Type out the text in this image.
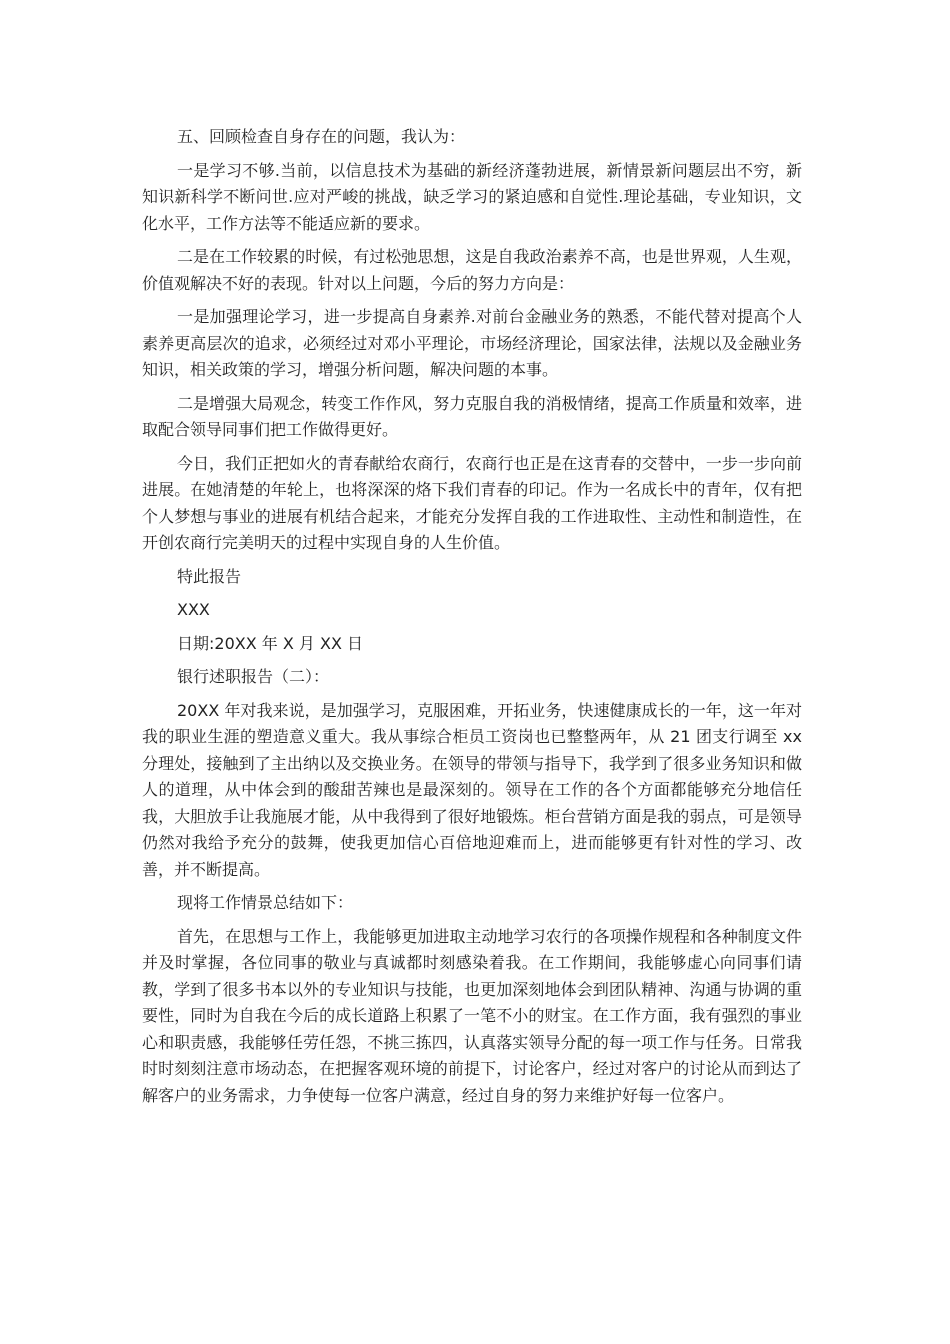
五、回顾检查自身存在的问题，我认为：

一是学习不够.当前，以信息技术为基础的新经济蓬勃进展，新情景新问题层出不穷，新知识新科学不断问世.应对严峻的挑战，缺乏学习的紧迫感和自觉性.理论基础，专业知识，文化水平，工作方法等不能适应新的要求。

二是在工作较累的时候，有过松弛思想，这是自我政治素养不高，也是世界观，人生观，价值观解决不好的表现。针对以上问题，今后的努力方向是：

一是加强理论学习，进一步提高自身素养.对前台金融业务的熟悉，不能代替对提高个人素养更高层次的追求，必须经过对邓小平理论，市场经济理论，国家法律，法规以及金融业务知识，相关政策的学习，增强分析问题，解决问题的本事。

二是增强大局观念，转变工作作风，努力克服自我的消极情绪，提高工作质量和效率，进取配合领导同事们把工作做得更好。

今日，我们正把如火的青春献给农商行，农商行也正是在这青春的交替中，一步一步向前进展。在她清楚的年轮上，也将深深的烙下我们青春的印记。作为一名成长中的青年，仅有把个人梦想与事业的进展有机结合起来，才能充分发挥自我的工作进取性、主动性和制造性，在开创农商行完美明天的过程中实现自身的人生价值。

特此报告

XXX

日期:20XX 年 X 月 XX 日

银行述职报告（二）：

20XX 年对我来说，是加强学习，克服困难，开拓业务，快速健康成长的一年，这一年对我的职业生涯的塑造意义重大。我从事综合柜员工资岗也已整整两年，从 21 团支行调至 xx 分理处，接触到了主出纳以及交换业务。在领导的带领与指导下，我学到了很多业务知识和做人的道理，从中体会到的酸甜苦辣也是最深刻的。领导在工作的各个方面都能够充分地信任我，大胆放手让我施展才能，从中我得到了很好地锻炼。柜台营销方面是我的弱点，可是领导仍然对我给予充分的鼓舞，使我更加信心百倍地迎难而上，进而能够更有针对性的学习、改善，并不断提高。

现将工作情景总结如下：

首先，在思想与工作上，我能够更加进取主动地学习农行的各项操作规程和各种制度文件并及时掌握，各位同事的敬业与真诚都时刻感染着我。在工作期间，我能够虚心向同事们请教，学到了很多书本以外的专业知识与技能，也更加深刻地体会到团队精神、沟通与协调的重要性，同时为自我在今后的成长道路上积累了一笔不小的财宝。在工作方面，我有强烈的事业心和职责感，我能够任劳任怨，不挑三拣四，认真落实领导分配的每一项工作与任务。日常我时时刻刻注意市场动态，在把握客观环境的前提下，讨论客户，经过对客户的讨论从而到达了解客户的业务需求，力争使每一位客户满意，经过自身的努力来维护好每一位客户。
